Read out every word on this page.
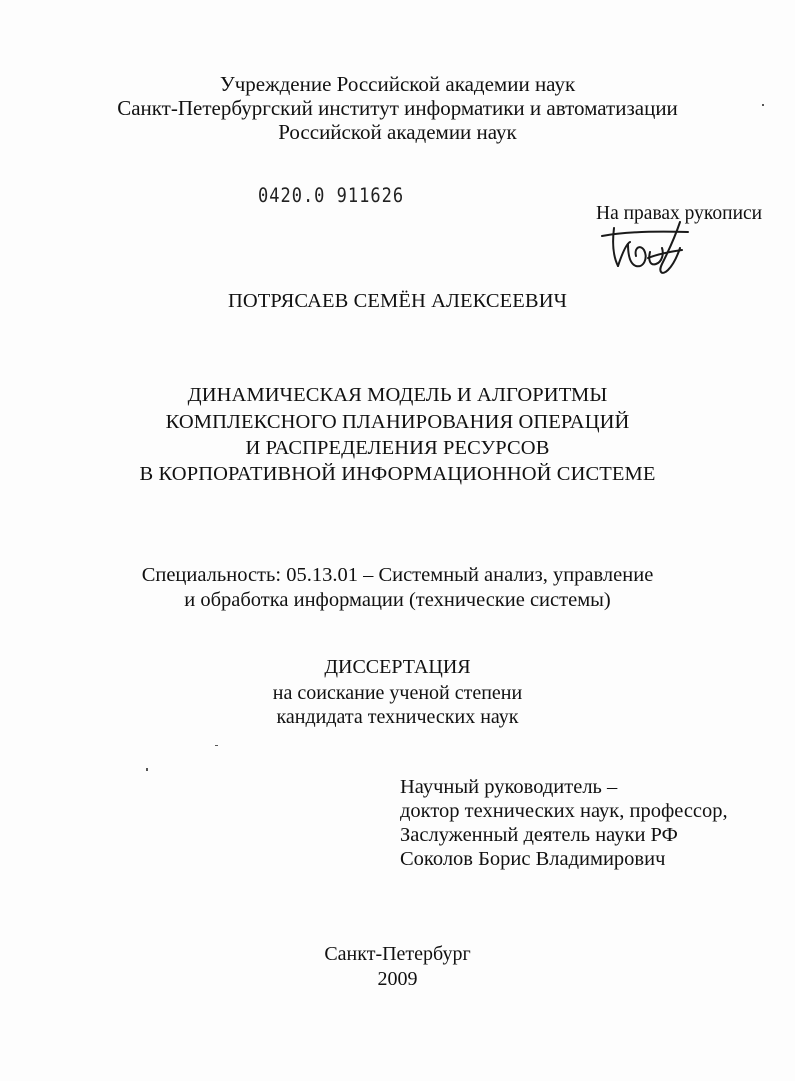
Учреждение Российской академии наук
Санкт-Петербургский институт информатики и автоматизации
Российской академии наук
0420.0 911626
На правах рукописи
ПОТРЯСАЕВ СЕМЁН АЛЕКСЕЕВИЧ
ДИНАМИЧЕСКАЯ МОДЕЛЬ И АЛГОРИТМЫ
КОМПЛЕКСНОГО ПЛАНИРОВАНИЯ ОПЕРАЦИЙ
И РАСПРЕДЕЛЕНИЯ РЕСУРСОВ
В КОРПОРАТИВНОЙ ИНФОРМАЦИОННОЙ СИСТЕМЕ
Специальность: 05.13.01 – Системный анализ, управление
и обработка информации (технические системы)
ДИССЕРТАЦИЯ
на соискание ученой степени
кандидата технических наук
Научный руководитель –
доктор технических наук, профессор,
Заслуженный деятель науки РФ
Соколов Борис Владимирович
Санкт-Петербург
2009
